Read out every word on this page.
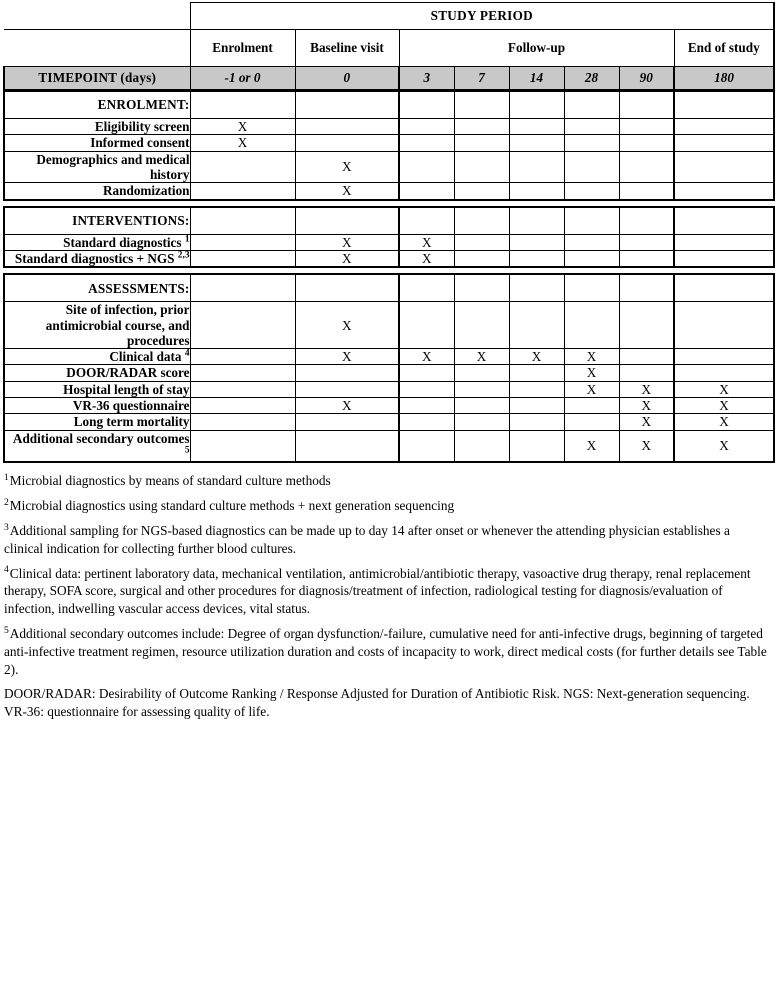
	STUDY PERIOD							
	Enrolment	Baseline visit	Follow-up					End of study
TIMEPOINT (days)	-1 or 0	0	3	7	14	28	90	180
ENROLMENT:								
Eligibility screen	X							
Informed consent	X							
Demographics and medical history		X						
Randomization		X						

INTERVENTIONS:								
Standard diagnostics $^1$		X	X					
Standard diagnostics + NGS $^{2,3}$		X	X					

ASSESSMENTS:								
Site of infection, prior antimicrobial course, and procedures		X						
Clinical data $^4$		X	X	X	X	X		
DOOR/RADAR score						X		
Hospital length of stay						X	X	X
VR-36 questionnaire		X					X	X
Long term mortality							X	X
Additional secondary outcomes $^5$						X	X	X

$^1$Microbial diagnostics by means of standard culture methods

$^2$Microbial diagnostics using standard culture methods + next generation sequencing

$^3$Additional sampling for NGS-based diagnostics can be made up to day 14 after onset or whenever the attending physician establishes a clinical indication for collecting further blood cultures.

$^4$Clinical data: pertinent laboratory data, mechanical ventilation, antimicrobial/antibiotic therapy, vasoactive drug therapy, renal replacement therapy, SOFA score, surgical and other procedures for diagnosis/treatment of infection, radiological testing for diagnosis/evaluation of infection, indwelling vascular access devices, vital status.

$^5$Additional secondary outcomes include: Degree of organ dysfunction/-failure, cumulative need for anti-infective drugs, beginning of targeted anti-infective treatment regimen, resource utilization duration and costs of incapacity to work, direct medical costs (for further details see Table 2).

DOOR/RADAR: Desirability of Outcome Ranking / Response Adjusted for Duration of Antibiotic Risk. NGS: Next-generation sequencing. VR-36: questionnaire for assessing quality of life.
